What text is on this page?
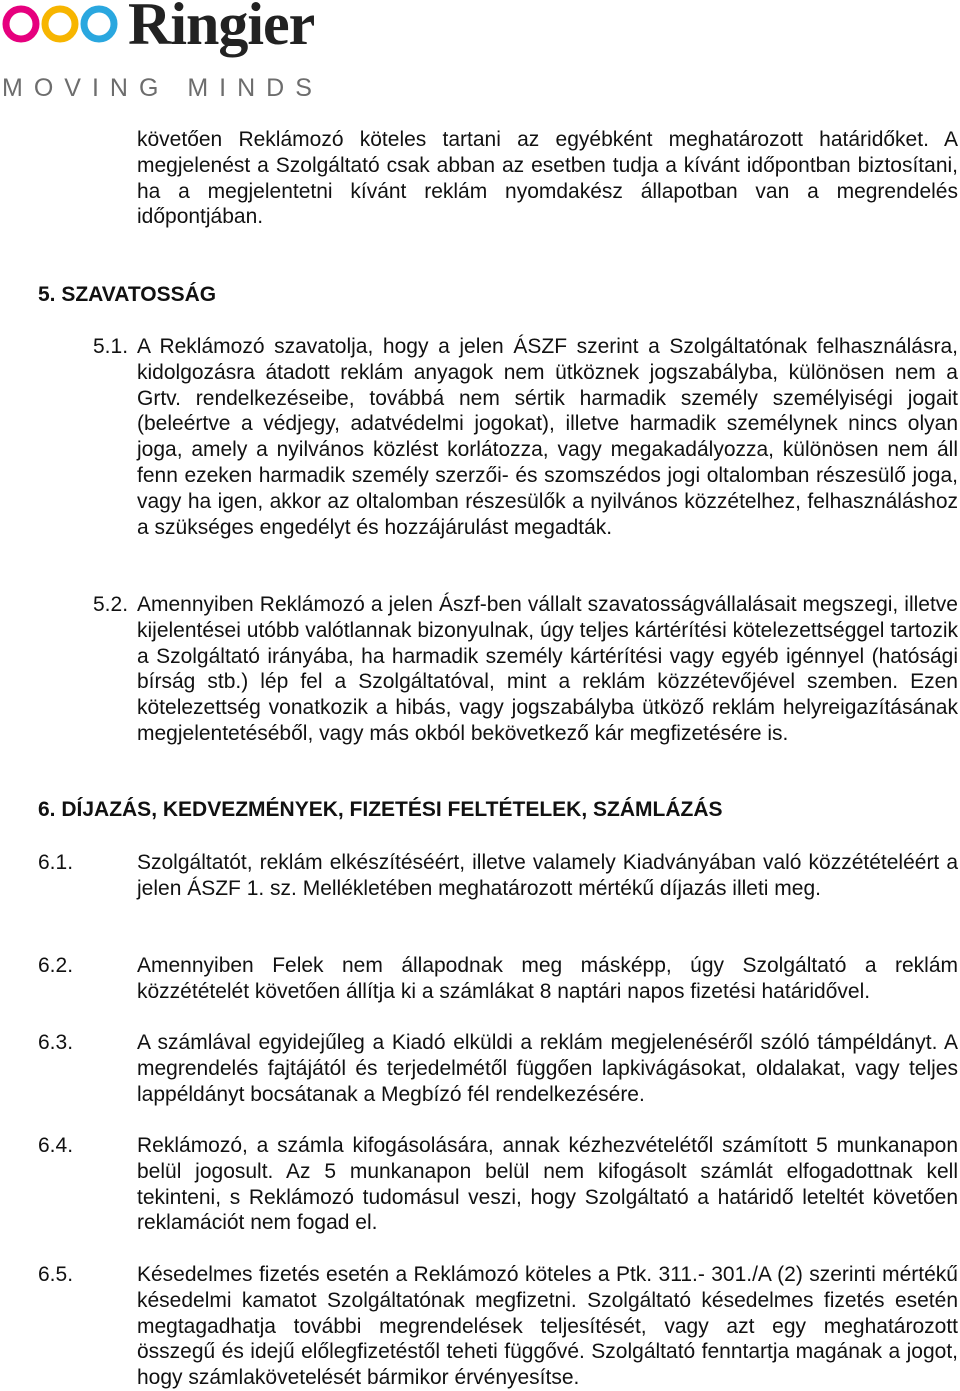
Ringier
MOVING MINDS
követően Reklámozó köteles tartani az egyébként meghatározott határidőket. A megjelenést a Szolgáltató csak abban az esetben tudja a kívánt időpontban biztosítani, ha a megjelentetni kívánt reklám nyomdakész állapotban van a megrendelés időpontjában.
5. SZAVATOSSÁG
5.1. A Reklámozó szavatolja, hogy a jelen ÁSZF szerint a Szolgáltatónak felhasználásra, kidolgozásra átadott reklám anyagok nem ütköznek jogszabályba, különösen nem a Grtv. rendelkezéseibe, továbbá nem sértik harmadik személy személyiségi jogait (beleértve a védjegy, adatvédelmi jogokat), illetve harmadik személynek nincs olyan joga, amely a nyilvános közlést korlátozza, vagy megakadályozza, különösen nem áll fenn ezeken harmadik személy szerzői- és szomszédos jogi oltalomban részesülő joga, vagy ha igen, akkor az oltalomban részesülők a nyilvános közzételhez, felhasználáshoz a szükséges engedélyt és hozzájárulást megadták.
5.2. Amennyiben Reklámozó a jelen Ászf-ben vállalt szavatosságvállalásait megszegi, illetve kijelentései utóbb valótlannak bizonyulnak, úgy teljes kártérítési kötelezettséggel tartozik a Szolgáltató irányába, ha harmadik személy kártérítési vagy egyéb igénnyel (hatósági bírság stb.) lép fel a Szolgáltatóval, mint a reklám közzétevőjével szemben. Ezen kötelezettség vonatkozik a hibás, vagy jogszabályba ütköző reklám helyreigazításának megjelentetéséből, vagy más okból bekövetkező kár megfizetésére is.
6. DÍJAZÁS, KEDVEZMÉNYEK, FIZETÉSI FELTÉTELEK, SZÁMLÁZÁS
6.1.	Szolgáltatót, reklám elkészítéséért, illetve valamely Kiadványában való közzétételéért a jelen ÁSZF 1. sz. Mellékletében meghatározott mértékű díjazás illeti meg.
6.2.	Amennyiben Felek nem állapodnak meg másképp, úgy Szolgáltató a reklám közzétételét követően állítja ki a számlákat 8 naptári napos fizetési határidővel.
6.3.	A számlával egyidejűleg a Kiadó elküldi a reklám megjelenéséről szóló támpéldányt. A megrendelés fajtájától és terjedelmétől függően lapkivágásokat, oldalakat, vagy teljes lappéldányt bocsátanak a Megbízó fél rendelkezésére.
6.4.	Reklámozó, a számla kifogásolására, annak kézhezvételétől számított 5 munkanapon belül jogosult. Az 5 munkanapon belül nem kifogásolt számlát elfogadottnak kell tekinteni, s Reklámozó tudomásul veszi, hogy Szolgáltató a határidő leteltét követően reklamációt nem fogad el.
6.5.	Késedelmes fizetés esetén a Reklámozó köteles a Ptk. 311.- 301./A (2) szerinti mértékű késedelmi kamatot Szolgáltatónak megfizetni. Szolgáltató késedelmes fizetés esetén megtagadhatja további megrendelések teljesítését, vagy azt egy meghatározott összegű és idejű előlegfizetéstől teheti függővé. Szolgáltató fenntartja magának a jogot, hogy számlakövetelését bármikor érvényesítse.
